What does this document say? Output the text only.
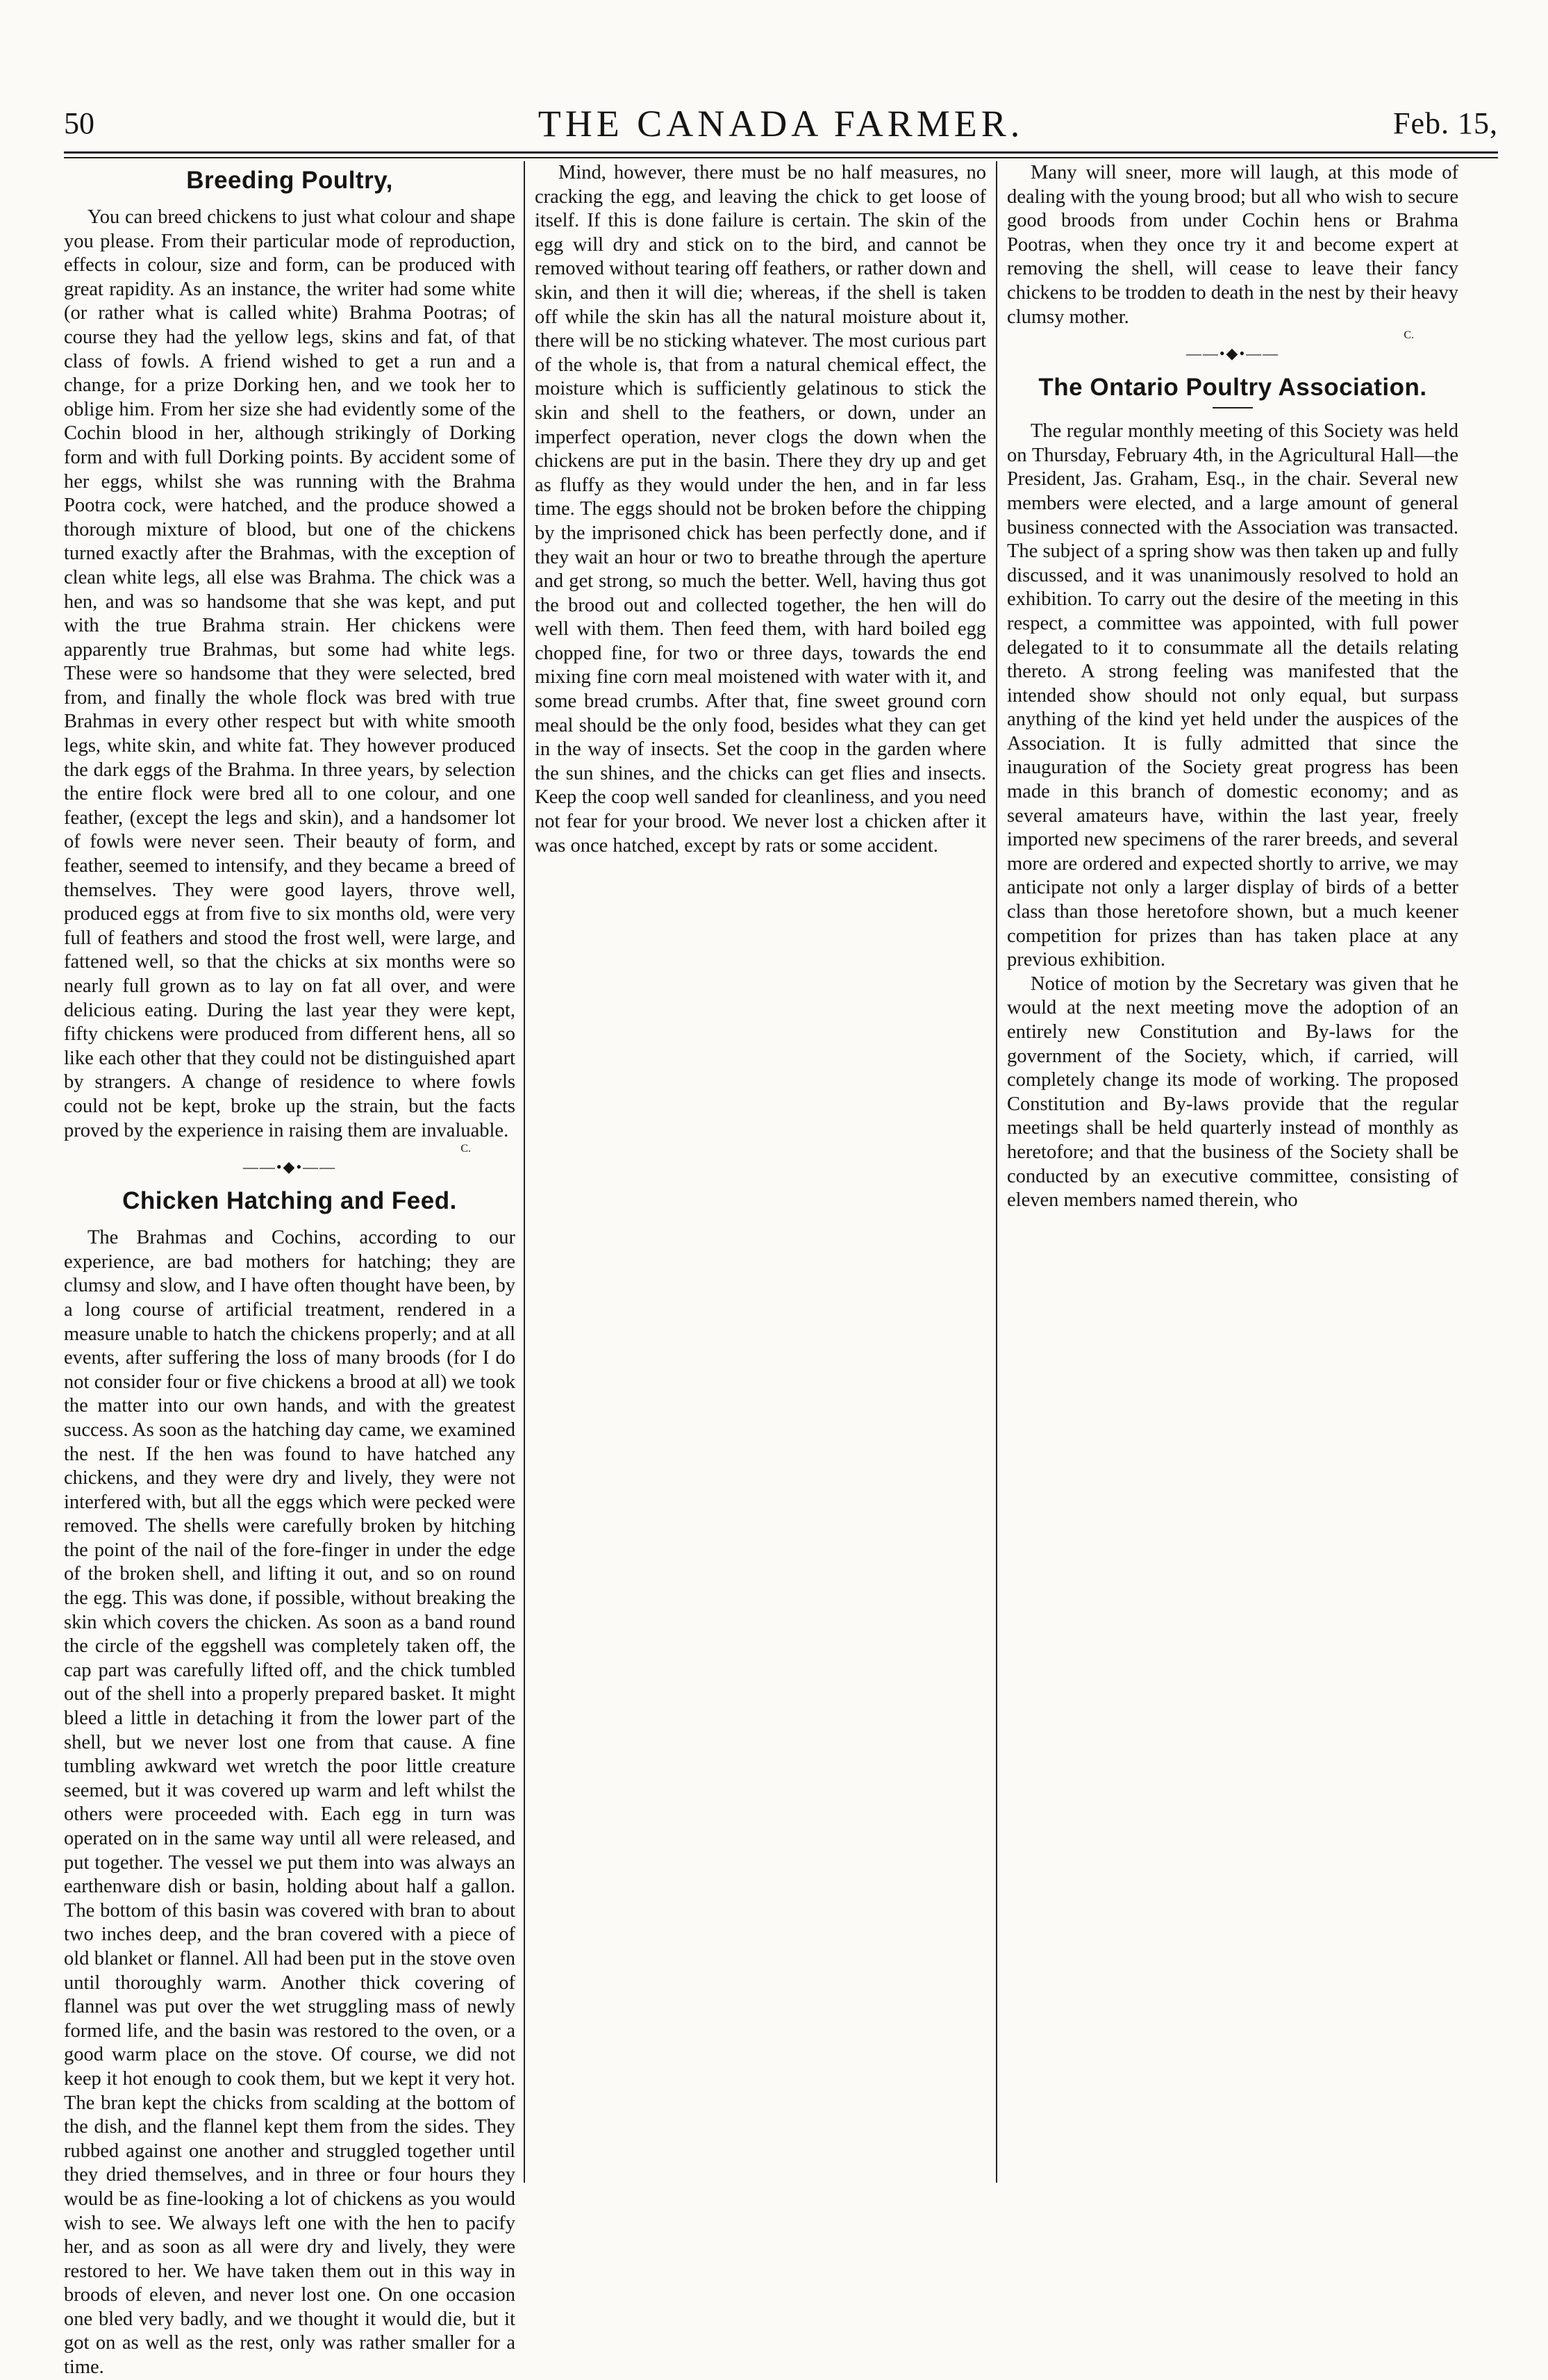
50	THE CANADA FARMER.	Feb. 15,
Breeding Poultry,

You can breed chickens to just what colour and shape you please. From their particular mode of reproduction, effects in colour, size and form, can be produced with great rapidity. As an instance, the writer had some white (or rather what is called white) Brahma Pootras; of course they had the yellow legs, skins and fat, of that class of fowls. A friend wished to get a run and a change, for a prize Dorking hen, and we took her to oblige him. From her size she had evidently some of the Cochin blood in her, although strikingly of Dorking form and with full Dorking points. By accident some of her eggs, whilst she was running with the Brahma Pootra cock, were hatched, and the produce showed a thorough mixture of blood, but one of the chickens turned exactly after the Brahmas, with the exception of clean white legs, all else was Brahma. The chick was a hen, and was so handsome that she was kept, and put with the true Brahma strain. Her chickens were apparently true Brahmas, but some had white legs. These were so handsome that they were selected, bred from, and finally the whole flock was bred with true Brahmas in every other respect but with white smooth legs, white skin, and white fat. They however produced the dark eggs of the Brahma. In three years, by selection the entire flock were bred all to one colour, and one feather, (except the legs and skin), and a handsomer lot of fowls were never seen. Their beauty of form, and feather, seemed to intensify, and they became a breed of themselves. They were good layers, throve well, produced eggs at from five to six months old, were very full of feathers and stood the frost well, were large, and fattened well, so that the chicks at six months were so nearly full grown as to lay on fat all over, and were delicious eating. During the last year they were kept, fifty chickens were produced from different hens, all so like each other that they could not be distinguished apart by strangers. A change of residence to where fowls could not be kept, broke up the strain, but the facts proved by the experience in raising them are invaluable.

C.
——•◆•——
Chicken Hatching and Feed.

The Brahmas and Cochins, according to our experience, are bad mothers for hatching; they are clumsy and slow, and I have often thought have been, by a long course of artificial treatment, rendered in a measure unable to hatch the chickens properly; and at all events, after suffering the loss of many broods (for I do not consider four or five chickens a brood at all) we took the matter into our own hands, and with the greatest success. As soon as the hatching day came, we examined the nest. If the hen was found to have hatched any chickens, and they were dry and lively, they were not interfered with, but all the eggs which were pecked were removed. The shells were carefully broken by hitching the point of the nail of the fore-finger in under the edge of the broken shell, and lifting it out, and so on round the egg. This was done, if possible, without breaking the skin which covers the chicken. As soon as a band round the circle of the eggshell was completely taken off, the cap part was carefully lifted off, and the chick tumbled out of the shell into a properly prepared basket. It might bleed a little in detaching it from the lower part of the shell, but we never lost one from that cause. A fine tumbling awkward wet wretch the poor little creature seemed, but it was covered up warm and left whilst the others were proceeded with. Each egg in turn was operated on in the same way until all were released, and put together. The vessel we put them into was always an earthenware dish or basin, holding about half a gallon. The bottom of this basin was covered with bran to about two inches deep, and the bran covered with a piece of old blanket or flannel. All had been put in the stove oven until thoroughly warm. Another thick covering of flannel was put over the wet struggling mass of newly formed life, and the basin was restored to the oven, or a good warm place on the stove. Of course, we did not keep it hot enough to cook them, but we kept it very hot. The bran kept the chicks from scalding at the bottom of the dish, and the flannel kept them from the sides. They rubbed against one another and struggled together until they dried themselves, and in three or four hours they would be as fine-looking a lot of chickens as you would wish to see. We always left one with the hen to pacify her, and as soon as all were dry and lively, they were restored to her. We have taken them out in this way in broods of eleven, and never lost one. On one occasion one bled very badly, and we thought it would die, but it got on as well as the rest, only was rather smaller for a time.

Mind, however, there must be no half measures, no cracking the egg, and leaving the chick to get loose of itself. If this is done failure is certain. The skin of the egg will dry and stick on to the bird, and cannot be removed without tearing off feathers, or rather down and skin, and then it will die; whereas, if the shell is taken off while the skin has all the natural moisture about it, there will be no sticking whatever. The most curious part of the whole is, that from a natural chemical effect, the moisture which is sufficiently gelatinous to stick the skin and shell to the feathers, or down, under an imperfect operation, never clogs the down when the chickens are put in the basin. There they dry up and get as fluffy as they would under the hen, and in far less time. The eggs should not be broken before the chipping by the imprisoned chick has been perfectly done, and if they wait an hour or two to breathe through the aperture and get strong, so much the better. Well, having thus got the brood out and collected together, the hen will do well with them. Then feed them, with hard boiled egg chopped fine, for two or three days, towards the end mixing fine corn meal moistened with water with it, and some bread crumbs. After that, fine sweet ground corn meal should be the only food, besides what they can get in the way of insects. Set the coop in the garden where the sun shines, and the chicks can get flies and insects. Keep the coop well sanded for cleanliness, and you need not fear for your brood. We never lost a chicken after it was once hatched, except by rats or some accident.

Many will sneer, more will laugh, at this mode of dealing with the young brood; but all who wish to secure good broods from under Cochin hens or Brahma Pootras, when they once try it and become expert at removing the shell, will cease to leave their fancy chickens to be trodden to death in the nest by their heavy clumsy mother.

C.
——•◆•——
The Ontario Poultry Association.

The regular monthly meeting of this Society was held on Thursday, February 4th, in the Agricultural Hall—the President, Jas. Graham, Esq., in the chair. Several new members were elected, and a large amount of general business connected with the Association was transacted. The subject of a spring show was then taken up and fully discussed, and it was unanimously resolved to hold an exhibition. To carry out the desire of the meeting in this respect, a committee was appointed, with full power delegated to it to consummate all the details relating thereto. A strong feeling was manifested that the intended show should not only equal, but surpass anything of the kind yet held under the auspices of the Association. It is fully admitted that since the inauguration of the Society great progress has been made in this branch of domestic economy; and as several amateurs have, within the last year, freely imported new specimens of the rarer breeds, and several more are ordered and expected shortly to arrive, we may anticipate not only a larger display of birds of a better class than those heretofore shown, but a much keener competition for prizes than has taken place at any previous exhibition.

Notice of motion by the Secretary was given that he would at the next meeting move the adoption of an entirely new Constitution and By-laws for the government of the Society, which, if carried, will completely change its mode of working. The proposed Constitution and By-laws provide that the regular meetings shall be held quarterly instead of monthly as heretofore; and that the business of the Society shall be conducted by an executive committee, consisting of eleven members named therein, who
